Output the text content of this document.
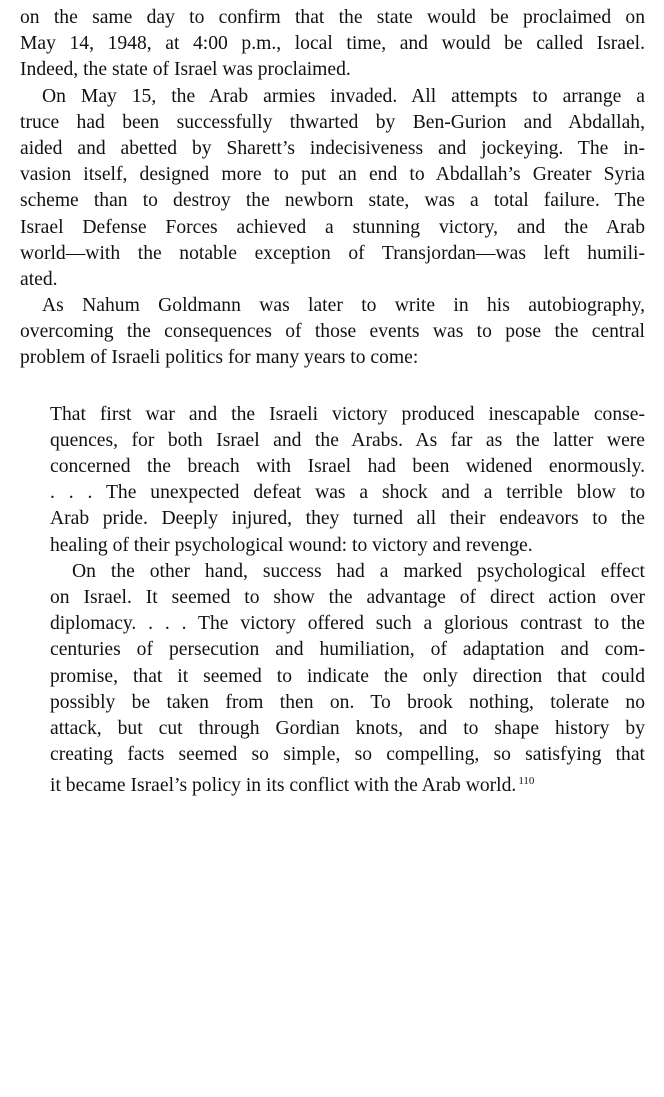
on the same day to confirm that the state would be proclaimed on
May 14, 1948, at 4:00 p.m., local time, and would be called Israel.
Indeed, the state of Israel was proclaimed.
On May 15, the Arab armies invaded. All attempts to arrange a
truce had been successfully thwarted by Ben-Gurion and Abdallah,
aided and abetted by Sharett’s indecisiveness and jockeying. The in-
vasion itself, designed more to put an end to Abdallah’s Greater Syria
scheme than to destroy the newborn state, was a total failure. The
Israel Defense Forces achieved a stunning victory, and the Arab
world—with the notable exception of Transjordan—was left humili-
ated.
As Nahum Goldmann was later to write in his autobiography,
overcoming the consequences of those events was to pose the central
problem of Israeli politics for many years to come:
That first war and the Israeli victory produced inescapable conse-
quences, for both Israel and the Arabs. As far as the latter were
concerned the breach with Israel had been widened enormously.
. . . The unexpected defeat was a shock and a terrible blow to
Arab pride. Deeply injured, they turned all their endeavors to the
healing of their psychological wound: to victory and revenge.
On the other hand, success had a marked psychological effect
on Israel. It seemed to show the advantage of direct action over
diplomacy. . . . The victory offered such a glorious contrast to the
centuries of persecution and humiliation, of adaptation and com-
promise, that it seemed to indicate the only direction that could
possibly be taken from then on. To brook nothing, tolerate no
attack, but cut through Gordian knots, and to shape history by
creating facts seemed so simple, so compelling, so satisfying that
it became Israel’s policy in its conflict with the Arab world. $^{110}$
